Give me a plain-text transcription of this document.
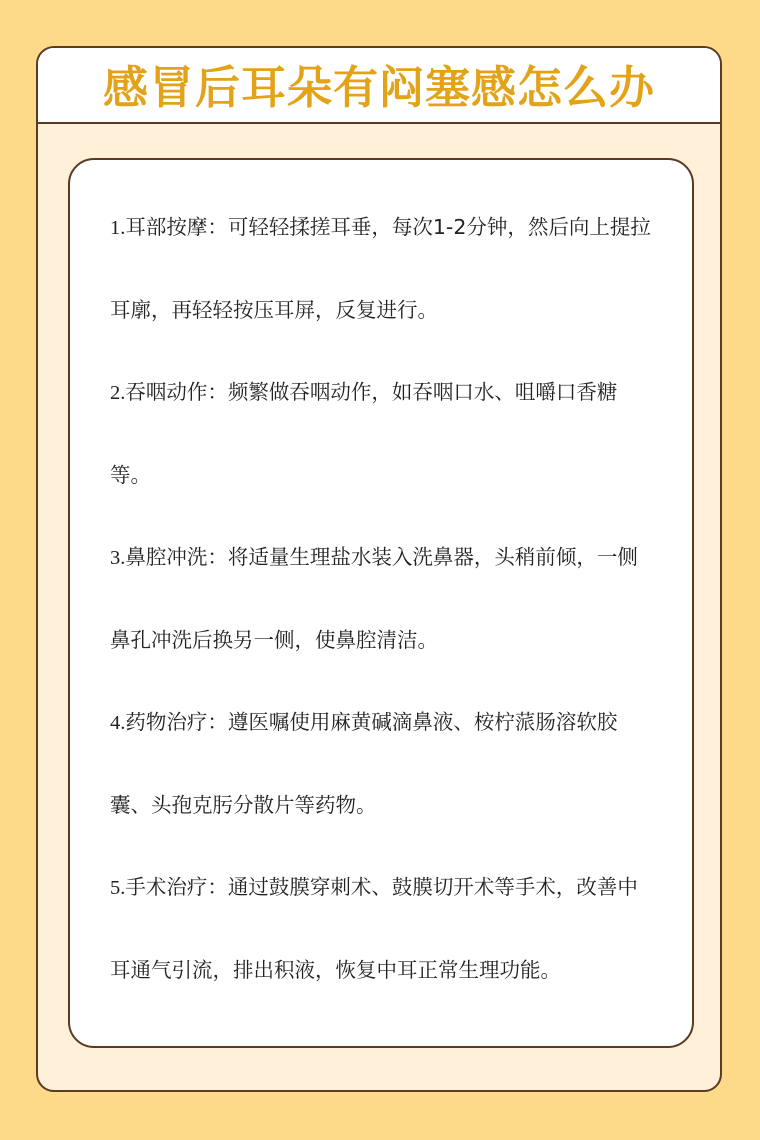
感冒后耳朵有闷塞感怎么办

1.耳部按摩：可轻轻揉搓耳垂，每次1-2分钟，然后向上提拉耳廓，再轻轻按压耳屏，反复进行。

2.吞咽动作：频繁做吞咽动作，如吞咽口水、咀嚼口香糖等。

3.鼻腔冲洗：将适量生理盐水装入洗鼻器，头稍前倾，一侧鼻孔冲洗后换另一侧，使鼻腔清洁。

4.药物治疗：遵医嘱使用麻黄碱滴鼻液、桉柠蒎肠溶软胶囊、头孢克肟分散片等药物。

5.手术治疗：通过鼓膜穿刺术、鼓膜切开术等手术，改善中耳通气引流，排出积液，恢复中耳正常生理功能。
